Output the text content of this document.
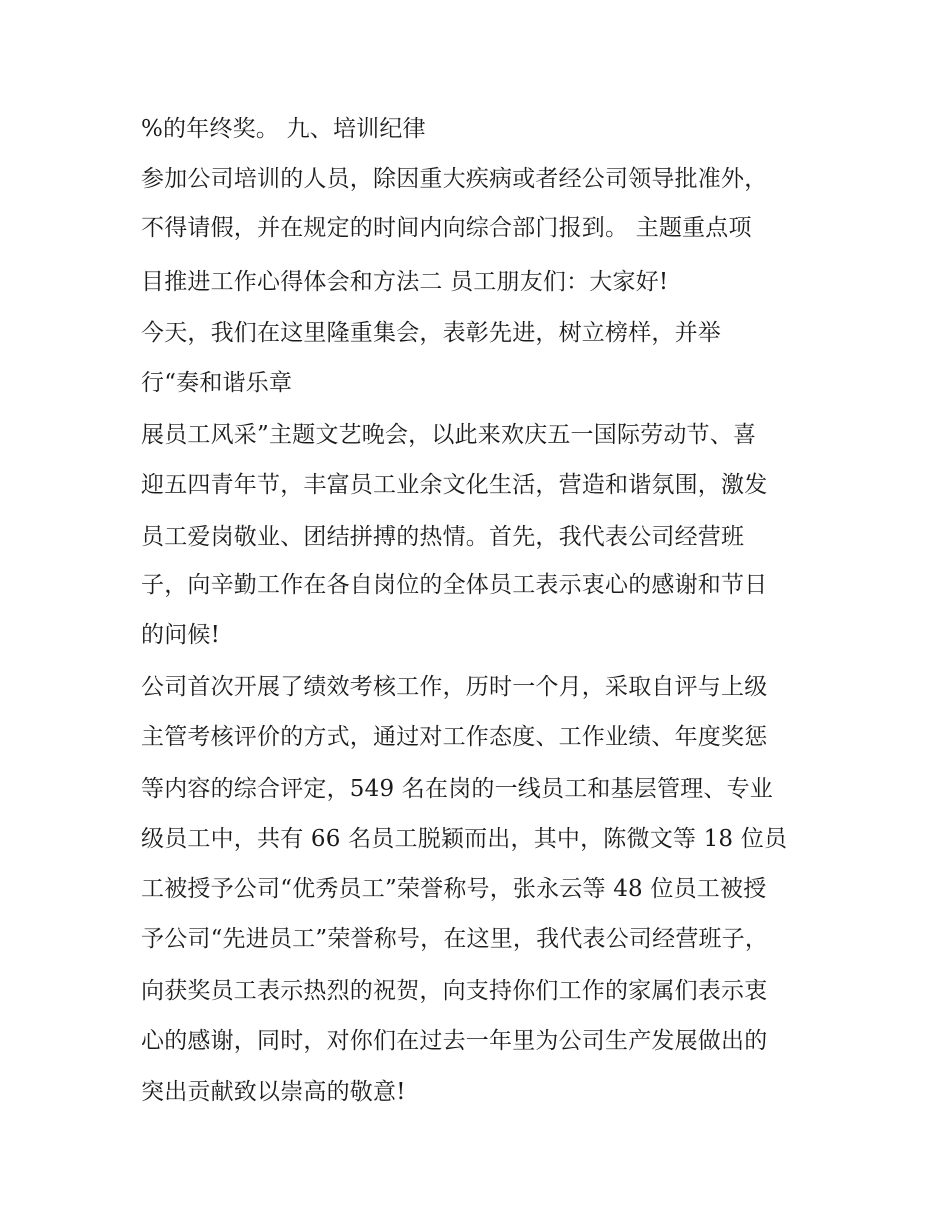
%的年终奖。 九、培训纪律
参加公司培训的人员，除因重大疾病或者经公司领导批准外，
不得请假，并在规定的时间内向综合部门报到。 主题重点项
目推进工作心得体会和方法二 员工朋友们：大家好!
今天，我们在这里隆重集会，表彰先进，树立榜样，并举
行“奏和谐乐章
展员工风采”主题文艺晚会，以此来欢庆五一国际劳动节、喜
迎五四青年节，丰富员工业余文化生活，营造和谐氛围，激发
员工爱岗敬业、团结拼搏的热情。首先，我代表公司经营班
子，向辛勤工作在各自岗位的全体员工表示衷心的感谢和节日
的问候!
公司首次开展了绩效考核工作，历时一个月，采取自评与上级
主管考核评价的方式，通过对工作态度、工作业绩、年度奖惩
等内容的综合评定，549 名在岗的一线员工和基层管理、专业
级员工中，共有 66 名员工脱颖而出，其中，陈微文等 18 位员
工被授予公司“优秀员工”荣誉称号，张永云等 48 位员工被授
予公司“先进员工”荣誉称号，在这里，我代表公司经营班子，
向获奖员工表示热烈的祝贺，向支持你们工作的家属们表示衷
心的感谢，同时，对你们在过去一年里为公司生产发展做出的
突出贡献致以崇高的敬意!
